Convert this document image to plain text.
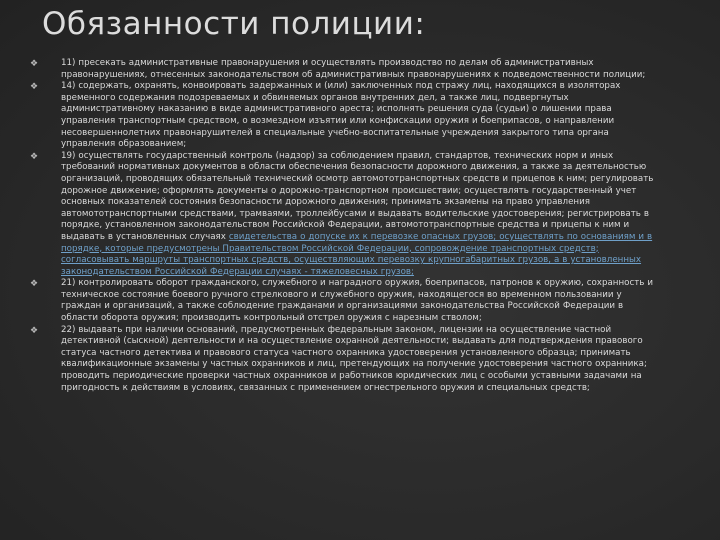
Обязанности полиции:
❖	11) пресекать административные правонарушения и осуществлять производство по делам об административных правонарушениях, отнесенных законодательством об административных правонарушениях к подведомственности полиции;
❖	14) содержать, охранять, конвоировать задержанных и (или) заключенных под стражу лиц, находящихся в изоляторах временного содержания подозреваемых и обвиняемых органов внутренних дел, а также лиц, подвергнутых административному наказанию в виде административного ареста; исполнять решения суда (судьи) о лишении права управления транспортным средством, о возмездном изъятии или конфискации оружия и боеприпасов, о направлении несовершеннолетних правонарушителей в специальные учебно-воспитательные учреждения закрытого типа органа управления образованием;
❖	19) осуществлять государственный контроль (надзор) за соблюдением правил, стандартов, технических норм и иных требований нормативных документов в области обеспечения безопасности дорожного движения, а также за деятельностью организаций, проводящих обязательный технический осмотр автомототранспортных средств и прицепов к ним; регулировать дорожное движение; оформлять документы о дорожно-транспортном происшествии; осуществлять государственный учет основных показателей состояния безопасности дорожного движения; принимать экзамены на право управления автомототранспортными средствами, трамваями, троллейбусами и выдавать водительские удостоверения; регистрировать в порядке, установленном законодательством Российской Федерации, автомототранспортные средства и прицепы к ним и выдавать в установленных случаях свидетельства о допуске их к перевозке опасных грузов; осуществлять по основаниям и в порядке, которые предусмотрены Правительством Российской Федерации, сопровождение транспортных средств; согласовывать маршруты транспортных средств, осуществляющих перевозку крупногабаритных грузов, а в установленных законодательством Российской Федерации случаях - тяжеловесных грузов;
❖	21) контролировать оборот гражданского, служебного и наградного оружия, боеприпасов, патронов к оружию, сохранность и техническое состояние боевого ручного стрелкового и служебного оружия, находящегося во временном пользовании у граждан и организаций, а также соблюдение гражданами и организациями законодательства Российской Федерации в области оборота оружия; производить контрольный отстрел оружия с нарезным стволом;
❖	22) выдавать при наличии оснований, предусмотренных федеральным законом, лицензии на осуществление частной детективной (сыскной) деятельности и на осуществление охранной деятельности; выдавать для подтверждения правового статуса частного детектива и правового статуса частного охранника удостоверения установленного образца; принимать квалификационные экзамены у частных охранников и лиц, претендующих на получение удостоверения частного охранника; проводить периодические проверки частных охранников и работников юридических лиц с особыми уставными задачами на пригодность к действиям в условиях, связанных с применением огнестрельного оружия и специальных средств;
